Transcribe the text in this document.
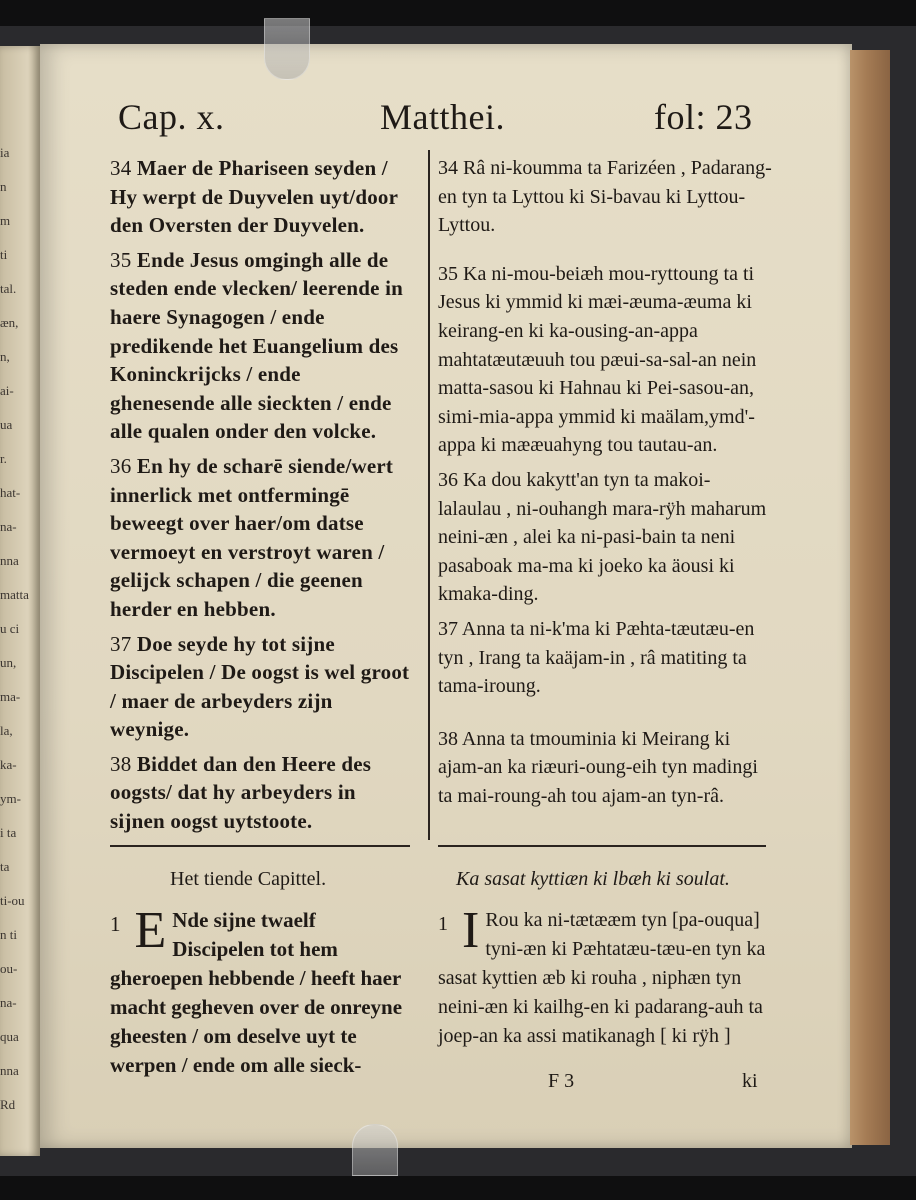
ia
n
m
ti
tal.
æn,
n,
ai-
ua
r.
hat-
na-
nna
matta
u ci
un,
ma-
la,
ka-
ym-
i ta
ta
ti-ou
n ti
ou-
na-
qua
nna
Rd
Cap. x.	Matthei.	fol: 23

34 Maer de Phariseen seyden / Hy werpt de Duyvelen uyt/door den Oversten der Duyvelen.

35 Ende Jesus omgingh alle de steden ende vlecken/ leerende in haere Synagogen / ende predikende het Euangelium des Koninckrijcks / ende ghenesende alle sieckten / ende alle qualen onder den volcke.

36 En hy de scharē siende/wert innerlick met ontfermingē beweegt over haer/om datse vermoeyt en verstroyt waren / gelijck schapen / die geenen herder en hebben.

37 Doe seyde hy tot sijne Discipelen / De oogst is wel groot / maer de arbeyders zijn weynige.

38 Biddet dan den Heere des oogsts/ dat hy arbeyders in sijnen oogst uytstoote.

34 Râ ni-koumma ta Farizéen , Padarang-en tyn ta Lyttou ki Si-bavau ki Lyttou-Lyttou.

35 Ka ni-mou-beiæh mou-ryttoung ta ti Jesus ki ymmid ki mæi-æuma-æuma ki keirang-en ki ka-ousing-an-appa mahtatæutæuuh tou pæui-sa-sal-an nein matta-sasou ki Hahnau ki Pei-sasou-an, simi-mia-appa ymmid ki maälam,ymd'-appa ki mææuahyng tou tautau-an.

36 Ka dou kakytt'an tyn ta makoi-lalaulau , ni-ouhangh mara-rÿh maharum neini-æn , alei ka ni-pasi-bain ta neni pasaboak ma-ma ki joeko ka äousi ki kmaka-ding.

37 Anna ta ni-k'ma ki Pæhta-tæutæu-en tyn , Irang ta kaäjam-in , râ matiting ta tama-iroung.

38 Anna ta tmouminia ki Meirang ki ajam-an ka riæuri-oung-eih tyn madingi ta mai-roung-ah tou ajam-an tyn-râ.

Het tiende Capittel.	Ka sasat kyttiæn ki lbæh ki soulat.
1 E Nde sijne twaelf Discipelen tot hem gheroepen hebbende / heeft haer macht gegheven over de onreyne gheesten / om deselve uyt te werpen / ende om alle sieck-
1 I Rou ka ni-tætææm tyn [pa-ouqua] tyni-æn ki Pæhtatæu-tæu-en tyn ka sasat kyttien æb ki rouha , niphæn tyn neini-æn ki kailhg-en ki padarang-auh ta joep-an ka assi matikanagh [ ki rÿh ]
F 3	ki
